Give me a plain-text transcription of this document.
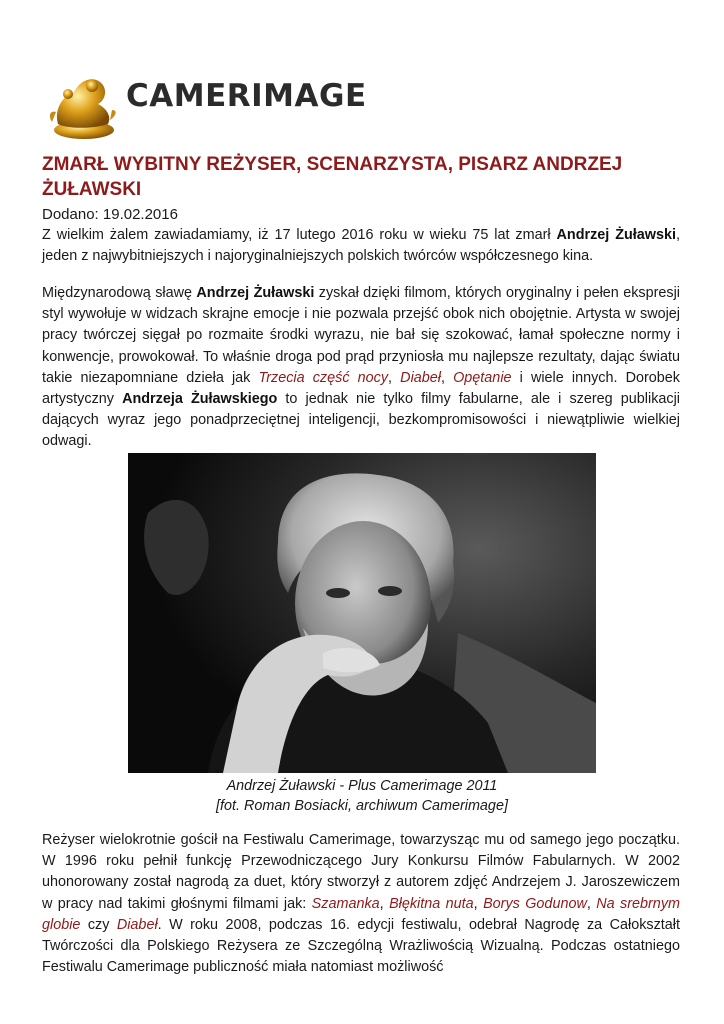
CAMERIMAGE
ZMARŁ WYBITNY REŻYSER, SCENARZYSTA, PISARZ ANDRZEJ ŻUŁAWSKI
Dodano: 19.02.2016

Z wielkim żalem zawiadamiamy, iż 17 lutego 2016 roku w wieku 75 lat zmarł Andrzej Żuławski, jeden z najwybitniejszych i najoryginalniejszych polskich twórców współczesnego kina.

Międzynarodową sławę Andrzej Żuławski zyskał dzięki filmom, których oryginalny i pełen ekspresji styl wywołuje w widzach skrajne emocje i nie pozwala przejść obok nich obojętnie. Artysta w swojej pracy twórczej sięgał po rozmaite środki wyrazu, nie bał się szokować, łamał społeczne normy i konwencje, prowokował. To właśnie droga pod prąd przyniosła mu najlepsze rezultaty, dając światu takie niezapomniane dzieła jak Trzecia część nocy, Diabeł, Opętanie i wiele innych. Dorobek artystyczny Andrzeja Żuławskiego to jednak nie tylko filmy fabularne, ale i szereg publikacji dających wyraz jego ponadprzeciętnej inteligencji, bezkompromisowości i niewątpliwie wielkiej odwagi.

Andrzej Żuławski - Plus Camerimage 2011
[fot. Roman Bosiacki, archiwum Camerimage]

Reżyser wielokrotnie gościł na Festiwalu Camerimage, towarzysząc mu od samego jego początku. W 1996 roku pełnił funkcję Przewodniczącego Jury Konkursu Filmów Fabularnych. W 2002 uhonorowany został nagrodą za duet, który stworzył z autorem zdjęć Andrzejem J. Jaroszewiczem w pracy nad takimi głośnymi filmami jak: Szamanka, Błękitna nuta, Borys Godunow, Na srebrnym globie czy Diabeł. W roku 2008, podczas 16. edycji festiwalu, odebrał Nagrodę za Całokształt Twórczości dla Polskiego Reżysera ze Szczególną Wrażliwością Wizualną. Podczas ostatniego Festiwalu Camerimage publiczność miała natomiast możliwość
